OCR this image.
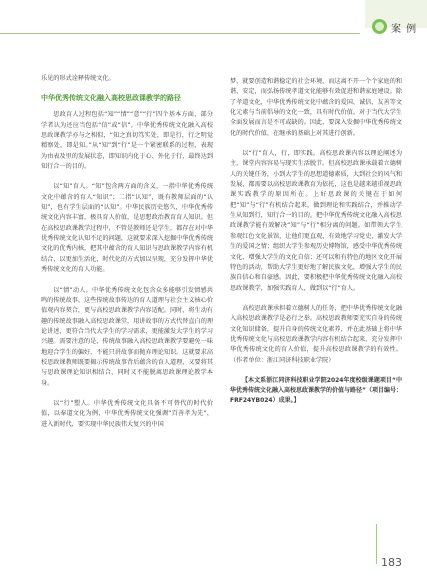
案 例

乐见的形式诠释传统文化。

中华优秀传统文化融入高校思政课教学的路径

思政育人过程包括“知”“情”“意”“行”四个基本方面，部分学者认为还应当包括“信”或“信”。中华优秀传统文化融入高校思政课教学亦与之相似，“知之真切笃实处，即是行，行之明觉精察处，即是知。”从“知”到“行”是一个紧密联系的过程，表现为由表及里的发展状态，即知识内化于心、外化于行，最终达到知行合一的目的。

以“知”育人。“知”包含两方面的含义，一指中华优秀传统文化中蕴含的育人“知识”；二指“认知”，既有教师层面的“认知”，也有学生层面的“认知”。中华民族历史悠久，中华优秀传统文化内容丰富，极具育人价值，是思想政治教育育人知识。但在高校思政课教学过程中，不管是教师还是学生，都存在对中华优秀传统文化认知不足的问题，这就要求深入挖掘中华优秀传统文化的优秀内核，把其中蕴含的育人知识与思政课教学内容有机结合，以更加生活化、时代化的方式加以呈现，充分发挥中华优秀传统文化的育人功能。

以“情”动人。中华优秀传统文化包含众多能够引发情感共鸣的传统故事。这些传统故事传达的育人道理与社会主义核心价值观内容契合，更与高校思政课教学内容适配。同时，将生动有趣的传统故事融入高校思政课堂，用讲故事的方式代替直白的理论讲述，更符合当代大学生的学习需求，更能激发大学生的学习兴趣。需要注意的是，传统故事融入高校思政课教学要避免一味地迎合学生的偏好，不能只讲故事而抛弃理论知识。这就要求高校思政课教师既要揭示传统故事背后蕴含的育人道理，又要将其与思政课理论知识相结合，同时又不能脱离思政课理论教学本身。

以“行”塑人。中华优秀传统文化具备不可替代的时代价值，以奉道文化为例，中华优秀传统文化强调“百善孝为先”，进入新时代，要实现中华民族伟大复兴的中国

梦，就要创造和谐稳定的社会环境，而这离不开一个个家庭的和谐、安定，而弘扬传统孝道文化能够有效促进和谐家庭建设。除了孝道文化，中华优秀传统文化中蕴含的爱国、诚信、友善等文化元素与当前倡导的文化一致，具有时代价值。对于当代大学生全面发展而言是不可或缺的。因此，要深入发掘中华优秀传统文化的时代价值，在继承的基础上对其进行创新。

以“行”育人，行，即实践。高校思政课内容以理论阐述为主，课堂内容容易与现实生活脱节。但高校思政课承载着立德树人的关键任务，小到大学生的思想道德素质，大到社会的风气和发展，都需要以高校思政课教育为依托，这也是越来越重视思政课实践教学的原因所在。上好思政课的关键在于如何把“知”与“行”有机结合起来，做到理论和实践结合，并推动学生从知到行，知行合一的目的。把中华优秀传统文化融入高校思政课教学能有效解决“知”与“行”相分离的问题。如带领大学生参观红色文化景馆，让他们更直观、有效地学习党史，激发大学生的爱国之情；组织大学生参观历史博物馆，感受中华优秀传统文化，增强大学生的文化自信；还可以和有特色的地区文化开展特色的活动，帮助大学生更好地了解民族文化，增强大学生的民族自信心和自豪感。因此，要积极把中华优秀传统文化融入高校思政课教学，加强实践育人，做到以“行”育人。

高校思政课承担着立德树人的任务，把中华优秀传统文化融入高校思政课教学是必行之举。高校思政教师要充实自身的传统文化知识储备，提升自身的传统文化素养，并在此基础上将中华优秀传统文化与高校思政课教学内容有机结合起来，充分发挥中华优秀传统文化的育人价值，提升高校思政课教学的有效性。（作者单位：浙江同济科技职业学院）

【本文系浙江同济科技职业学院2024年度校级课题项目“中华优秀传统文化融入高校思政课教学的价值与路径”（项目编号：FRF24YB024）成果。】

183
